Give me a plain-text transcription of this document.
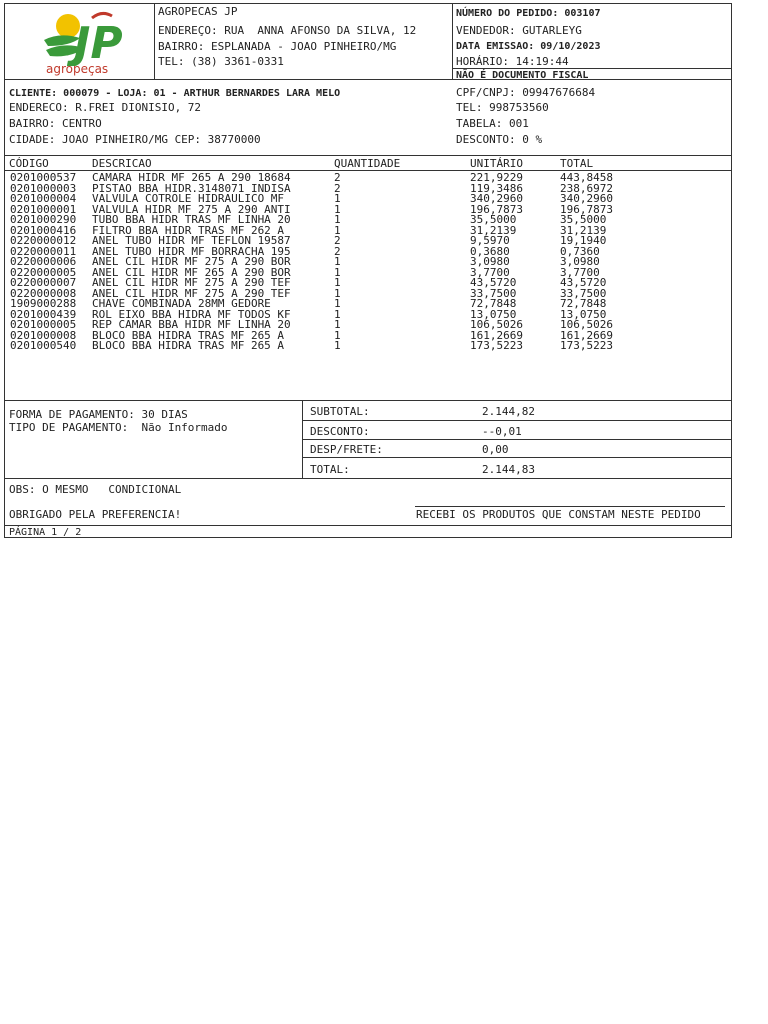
JP
agropeças
AGROPECAS JP
ENDEREÇO: RUA  ANNA AFONSO DA SILVA, 12
BAIRRO: ESPLANADA - JOAO PINHEIRO/MG
TEL: (38) 3361-0331
NÚMERO DO PEDIDO: 003107
VENDEDOR: GUTARLEYG
DATA EMISSAO: 09/10/2023
HORÁRIO: 14:19:44
NÃO É DOCUMENTO FISCAL
CLIENTE: 000079 - LOJA: 01 - ARTHUR BERNARDES LARA MELO
ENDERECO: R.FREI DIONISIO, 72
BAIRRO: CENTRO
CIDADE: JOAO PINHEIRO/MG CEP: 38770000
CPF/CNPJ: 09947676684
TEL: 998753560
TABELA: 001
DESCONTO: 0 %
CÓDIGO	DESCRICAO	QUANTIDADE	UNITÁRIO	TOTAL
0201000537 CAMARA HIDR MF 265 A 290 18684	2	221,9229	443,8458
0201000003 PISTAO BBA HIDR.3148071 INDISA	2	119,3486	238,6972
0201000004 VALVULA COTROLE HIDRAULICO MF	1	340,2960	340,2960
0201000001 VALVULA HIDR MF 275 A 290 ANTI	1	196,7873	196,7873
0201000290 TUBO BBA HIDR TRAS MF LINHA 20	1	35,5000	35,5000
0201000416 FILTRO BBA HIDR TRAS MF 262 A	1	31,2139	31,2139
0220000012 ANEL TUBO HIDR MF TEFLON 19587	2	9,5970	19,1940
0220000011 ANEL TUBO HIDR MF BORRACHA 195	2	0,3680	0,7360
0220000006 ANEL CIL HIDR MF 275 A 290 BOR	1	3,0980	3,0980
0220000005 ANEL CIL HIDR MF 265 A 290 BOR	1	3,7700	3,7700
0220000007 ANEL CIL HIDR MF 275 A 290 TEF	1	43,5720	43,5720
0220000008 ANEL CIL HIDR MF 275 A 290 TEF	1	33,7500	33,7500
1909000288 CHAVE COMBINADA 28MM GEDORE	1	72,7848	72,7848
0201000439 ROL EIXO BBA HIDRA MF TODOS KF	1	13,0750	13,0750
0201000005 REP CAMAR BBA HIDR MF LINHA 20	1	106,5026	106,5026
0201000008 BLOCO BBA HIDRA TRAS MF 265 A	1	161,2669	161,2669
0201000540 BLOCO BBA HIDRA TRAS MF 265 A	1	173,5223	173,5223
FORMA DE PAGAMENTO: 30 DIAS
TIPO DE PAGAMENTO:  Não Informado
SUBTOTAL:	2.144,82
DESCONTO:	--0,01
DESP/FRETE:	0,00
TOTAL:	2.144,83
OBS: O MESMO   CONDICIONAL
OBRIGADO PELA PREFERENCIA!	RECEBI OS PRODUTOS QUE CONSTAM NESTE PEDIDO
PÁGINA 1 / 2
